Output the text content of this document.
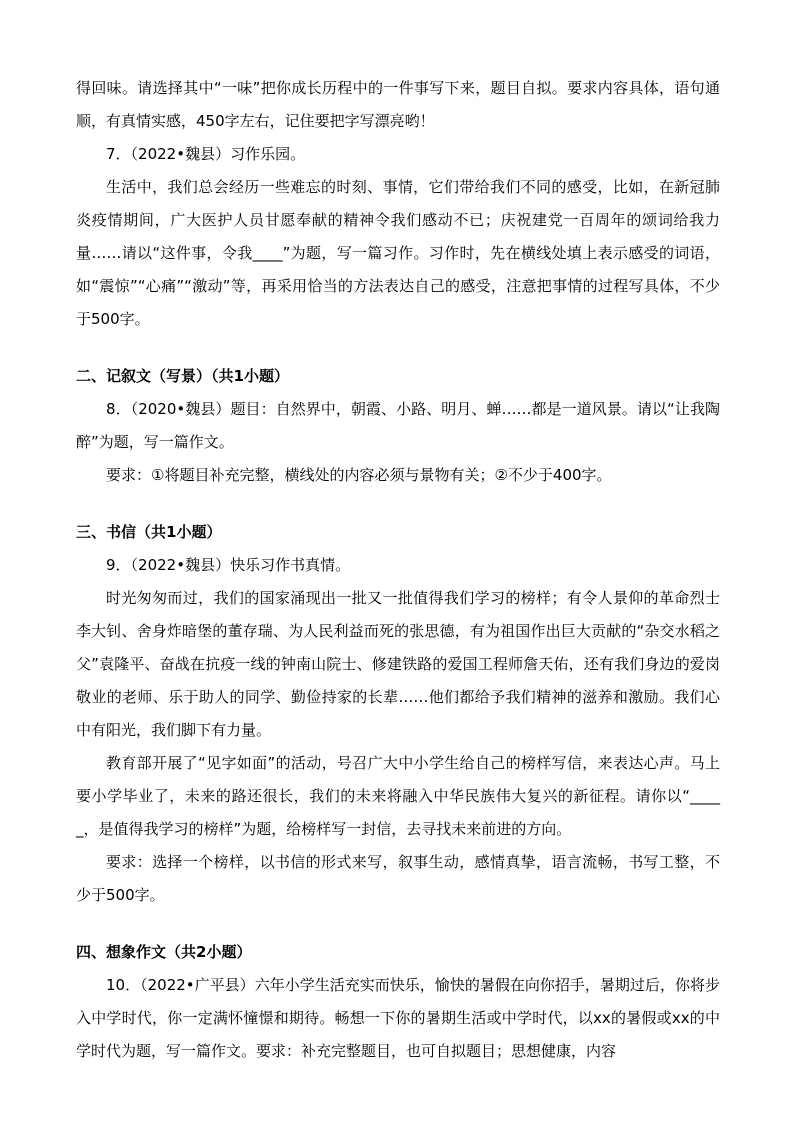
得回味。请选择其中“一味”把你成长历程中的一件事写下来，题目自拟。要求内容具体，语句通顺，有真情实感，450字左右，记住要把字写漂亮哟！

7．（2022•魏县）习作乐园。

生活中，我们总会经历一些难忘的时刻、事情，它们带给我们不同的感受，比如，在新冠肺炎疫情期间，广大医护人员甘愿奉献的精神令我们感动不已；庆祝建党一百周年的颂词给我力量……请以“这件事，令我____”为题，写一篇习作。习作时，先在横线处填上表示感受的词语，如“震惊”“心痛”“激动”等，再采用恰当的方法表达自己的感受，注意把事情的过程写具体，不少于500字。

二、记叙文（写景）（共1小题）

8．（2020•魏县）题目：自然界中，朝霞、小路、明月、蝉……都是一道风景。请以“让我陶醉”为题，写一篇作文。

要求：①将题目补充完整，横线处的内容必须与景物有关；②不少于400字。

三、书信（共1小题）

9．（2022•魏县）快乐习作书真情。

时光匆匆而过，我们的国家涌现出一批又一批值得我们学习的榜样；有令人景仰的革命烈士李大钊、舍身炸暗堡的董存瑞、为人民利益而死的张思德，有为祖国作出巨大贡献的“杂交水稻之父”袁隆平、奋战在抗疫一线的钟南山院士、修建铁路的爱国工程师詹天佑，还有我们身边的爱岗敬业的老师、乐于助人的同学、勤俭持家的长辈……他们都给予我们精神的滋养和激励。我们心中有阳光，我们脚下有力量。

教育部开展了“见字如面”的活动，号召广大中小学生给自己的榜样写信，来表达心声。马上要小学毕业了，未来的路还很长，我们的未来将融入中华民族伟大复兴的新征程。请你以“_____，是值得我学习的榜样”为题，给榜样写一封信，去寻找未来前进的方向。

要求：选择一个榜样，以书信的形式来写，叙事生动，感情真挚，语言流畅，书写工整，不少于500字。

四、想象作文（共2小题）

10．（2022•广平县）六年小学生活充实而快乐，愉快的暑假在向你招手，暑期过后，你将步入中学时代，你一定满怀憧憬和期待。畅想一下你的暑期生活或中学时代，以xx的暑假或xx的中学时代为题，写一篇作文。要求：补充完整题目，也可自拟题目；思想健康，内容
